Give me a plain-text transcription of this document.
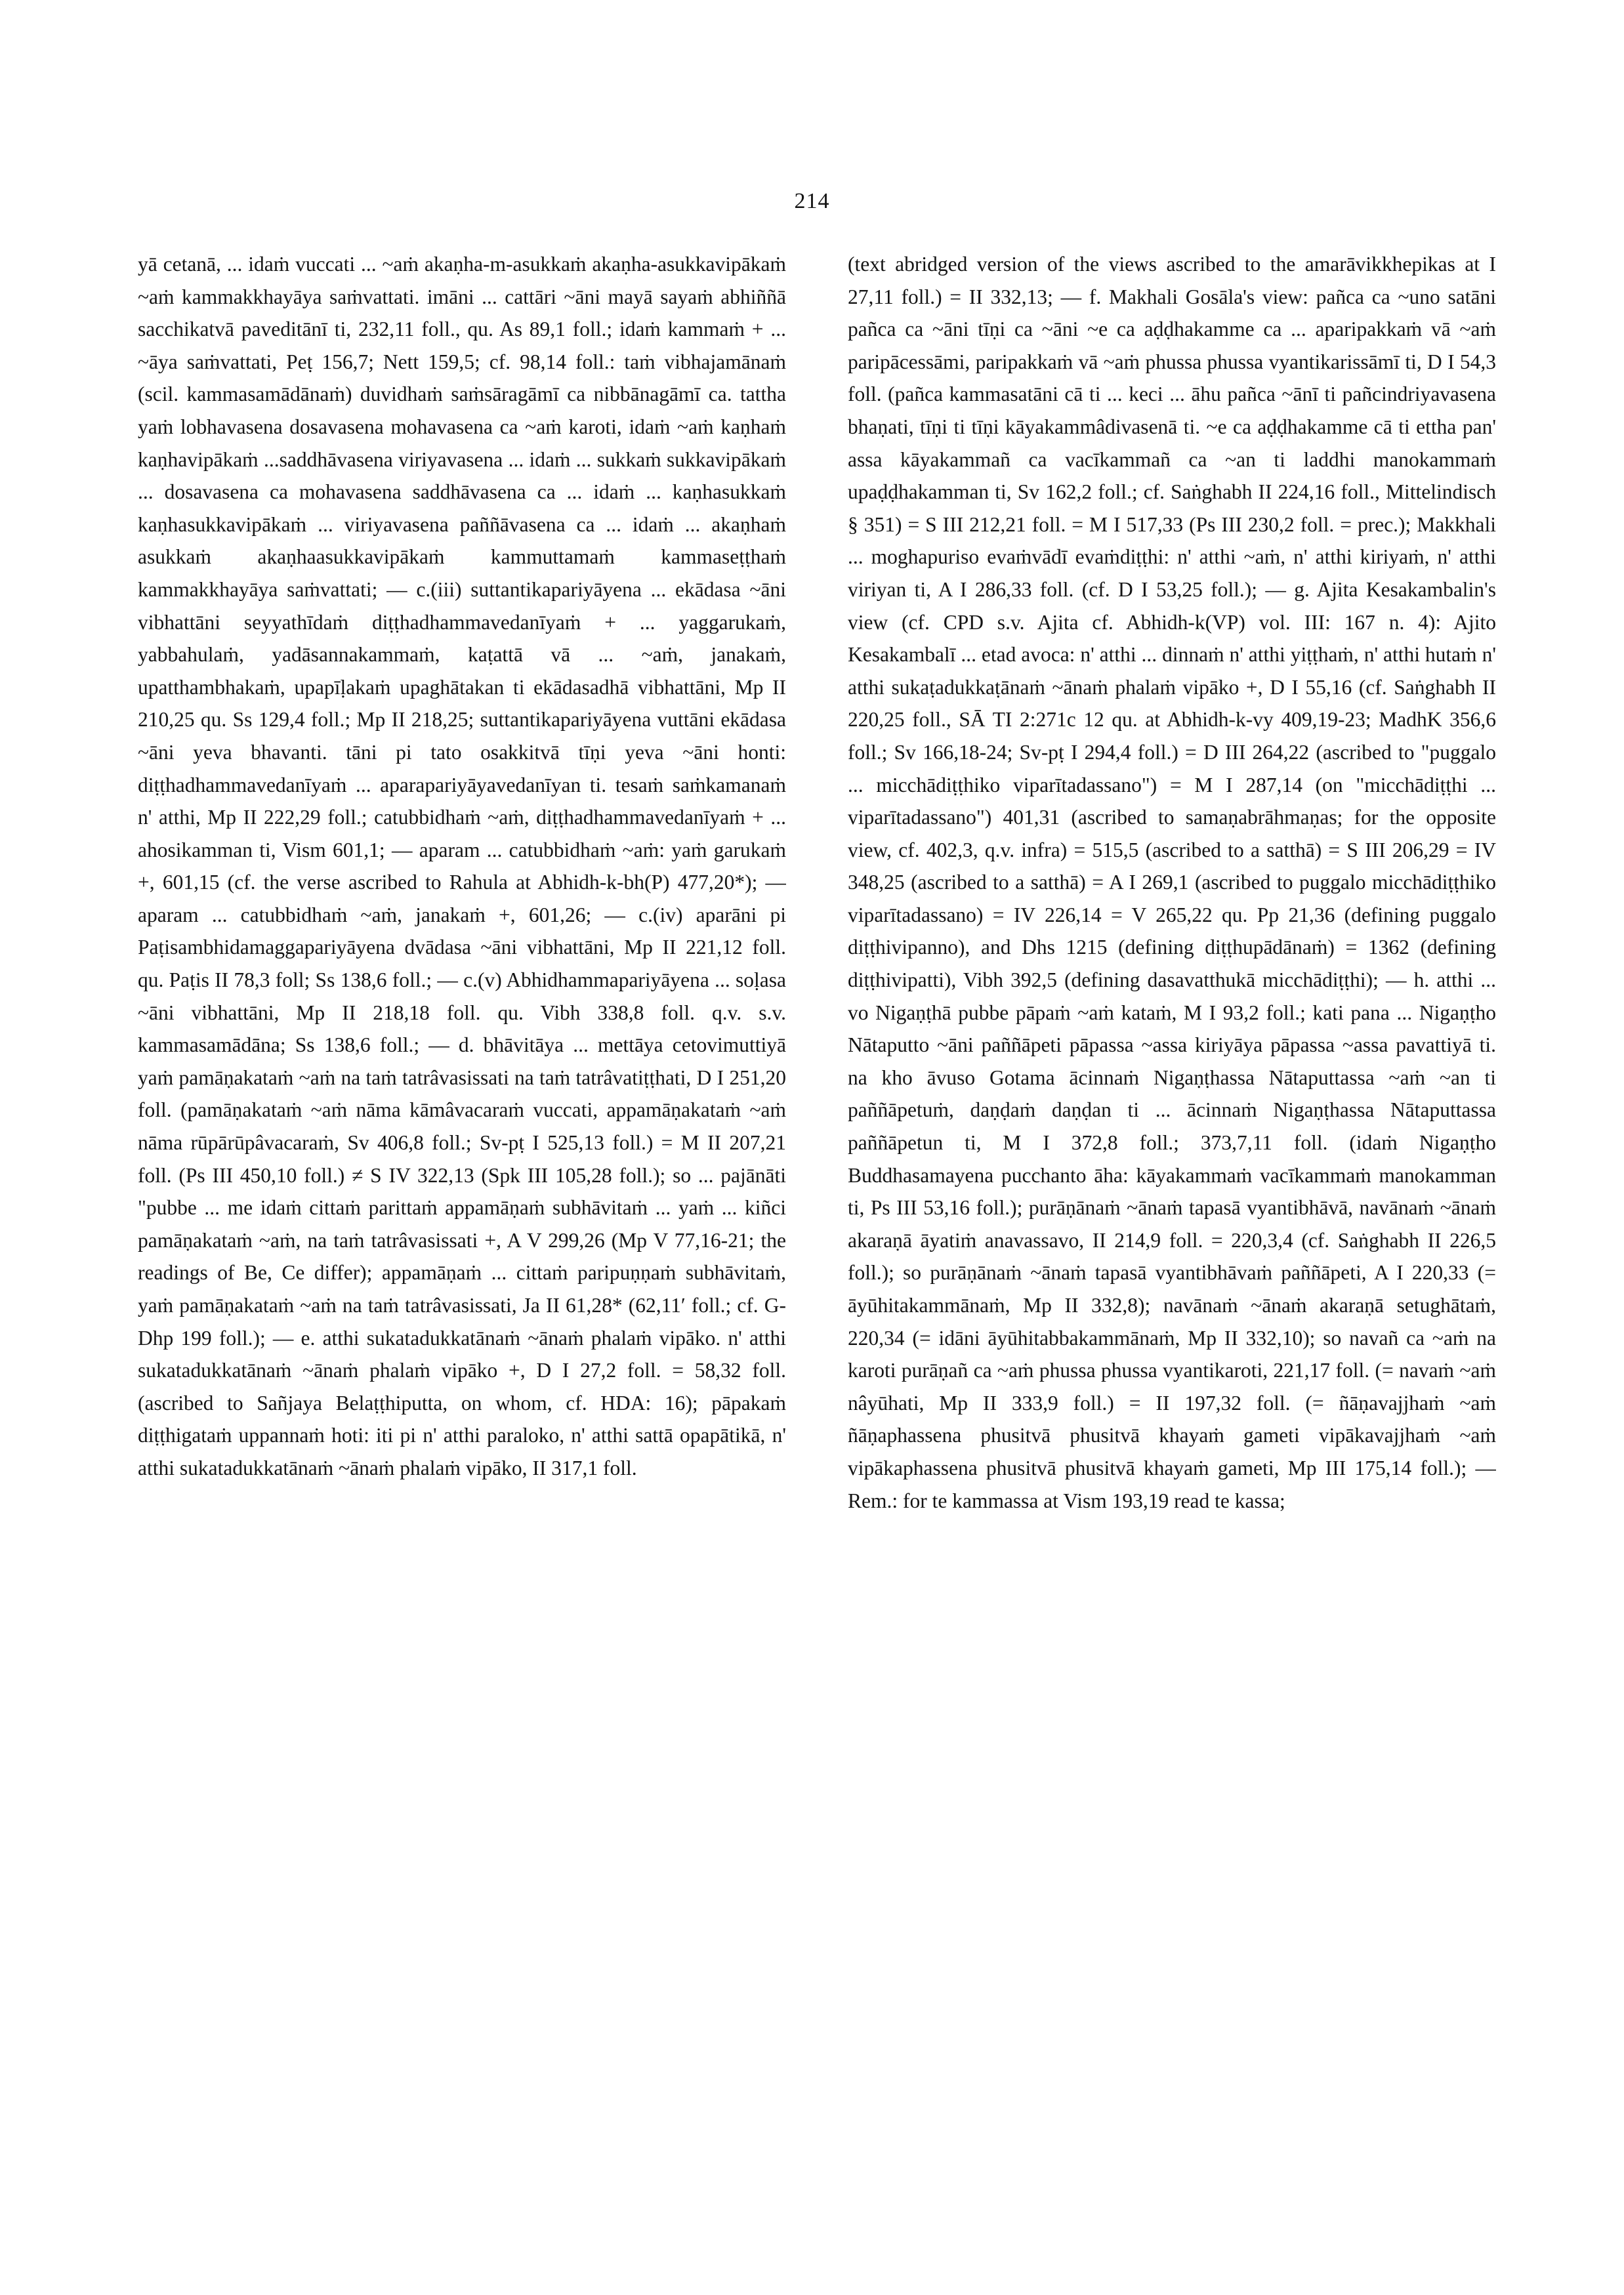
214

yā cetanā, ... idaṁ vuccati ... ~aṁ akaṇha-m-asukkaṁ akaṇha-asukkavipākaṁ ~aṁ kammakkhayāya saṁvattati. imāni ... cattāri ~āni mayā sayaṁ abhiññā sacchikatvā paveditānī ti, 232,11 foll., qu. As 89,1 foll.; idaṁ kammaṁ + ... ~āya saṁvattati, Peṭ 156,7; Nett 159,5; cf. 98,14 foll.: taṁ vibhajamānaṁ (scil. kammasamādānaṁ) duvidhaṁ saṁsāragāmī ca nibbānagāmī ca. tattha yaṁ lobhavasena dosavasena mohavasena ca ~aṁ karoti, idaṁ ~aṁ kaṇhaṁ kaṇhavipākaṁ ...saddhāvasena viriyavasena ... idaṁ ... sukkaṁ sukkavipākaṁ ... dosavasena ca mohavasena saddhāvasena ca ... idaṁ ... kaṇhasukkaṁ kaṇhasukkavipākaṁ ... viriyavasena paññāvasena ca ... idaṁ ... akaṇhaṁ asukkaṁ akaṇhaasukkavipākaṁ kammuttamaṁ kammaseṭṭhaṁ kammakkhayāya saṁvattati; — c.(iii) suttantikapariyāyena ... ekādasa ~āni vibhattāni seyyathīdaṁ diṭṭhadhammavedanīyaṁ + ... yaggarukaṁ, yabbahulaṁ, yadāsannakammaṁ, kaṭattā vā ... ~aṁ, janakaṁ, upatthambhakaṁ, upapīḷakaṁ upaghātakan ti ekādasadhā vibhattāni, Mp II 210,25 qu. Ss 129,4 foll.; Mp II 218,25; suttantikapariyāyena vuttāni ekādasa ~āni yeva bhavanti. tāni pi tato osakkitvā tīṇi yeva ~āni honti: diṭṭhadhammavedanīyaṁ ... aparapariyāyavedanīyan ti. tesaṁ saṁkamanaṁ n' atthi, Mp II 222,29 foll.; catubbidhaṁ ~aṁ, diṭṭhadhammavedanīyaṁ + ... ahosikamman ti, Vism 601,1; — aparam ... catubbidhaṁ ~aṁ: yaṁ garukaṁ +, 601,15 (cf. the verse ascribed to Rahula at Abhidh-k-bh(P) 477,20*); — aparam ... catubbidhaṁ ~aṁ, janakaṁ +, 601,26; — c.(iv) aparāni pi Paṭisambhidamaggapariyāyena dvādasa ~āni vibhattāni, Mp II 221,12 foll. qu. Paṭis II 78,3 foll; Ss 138,6 foll.; — c.(v) Abhidhammapariyāyena ... soḷasa ~āni vibhattāni, Mp II 218,18 foll. qu. Vibh 338,8 foll. q.v. s.v. kammasamādāna; Ss 138,6 foll.; — d. bhāvitāya ... mettāya cetovimuttiyā yaṁ pamāṇakataṁ ~aṁ na taṁ tatrâvasissati na taṁ tatrâvatiṭṭhati, D I 251,20 foll. (pamāṇakataṁ ~aṁ nāma kāmâvacaraṁ vuccati, appamāṇakataṁ ~aṁ nāma rūpārūpâvacaraṁ, Sv 406,8 foll.; Sv-pṭ I 525,13 foll.) = M II 207,21 foll. (Ps III 450,10 foll.) ≠ S IV 322,13 (Spk III 105,28 foll.); so ... pajānāti "pubbe ... me idaṁ cittaṁ parittaṁ appamāṇaṁ subhāvitaṁ ... yaṁ ... kiñci pamāṇakataṁ ~aṁ, na taṁ tatrâvasissati +, A V 299,26 (Mp V 77,16-21; the readings of Be, Ce differ); appamāṇaṁ ... cittaṁ paripuṇṇaṁ subhāvitaṁ, yaṁ pamāṇakataṁ ~aṁ na taṁ tatrâvasissati, Ja II 61,28* (62,11′ foll.; cf. G-Dhp 199 foll.); — e. atthi sukatadukkatānaṁ ~ānaṁ phalaṁ vipāko. n' atthi sukatadukkatānaṁ ~ānaṁ phalaṁ vipāko +, D I 27,2 foll. = 58,32 foll. (ascribed to Sañjaya Belaṭṭhiputta, on whom, cf. HDA: 16); pāpakaṁ diṭṭhigataṁ uppannaṁ hoti: iti pi n' atthi paraloko, n' atthi sattā opapātikā, n' atthi sukatadukkatānaṁ ~ānaṁ phalaṁ vipāko, II 317,1 foll.

(text abridged version of the views ascribed to the amarāvikkhepikas at I 27,11 foll.) = II 332,13; — f. Makhali Gosāla's view: pañca ca ~uno satāni pañca ca ~āni tīṇi ca ~āni ~e ca aḍḍhakamme ca ... aparipakkaṁ vā ~aṁ paripācessāmi, paripakkaṁ vā ~aṁ phussa phussa vyantikarissāmī ti, D I 54,3 foll. (pañca kammasatāni cā ti ... keci ... āhu pañca ~ānī ti pañcindriyavasena bhaṇati, tīṇi ti tīṇi kāyakammâdivasenā ti. ~e ca aḍḍhakamme cā ti ettha pan' assa kāyakammañ ca vacīkammañ ca ~an ti laddhi manokammaṁ upaḍḍhakamman ti, Sv 162,2 foll.; cf. Saṅghabh II 224,16 foll., Mittelindisch § 351) = S III 212,21 foll. = M I 517,33 (Ps III 230,2 foll. = prec.); Makkhali ... moghapuriso evaṁvādī evaṁdiṭṭhi: n' atthi ~aṁ, n' atthi kiriyaṁ, n' atthi viriyan ti, A I 286,33 foll. (cf. D I 53,25 foll.); — g. Ajita Kesakambalin's view (cf. CPD s.v. Ajita cf. Abhidh-k(VP) vol. III: 167 n. 4): Ajito Kesakambalī ... etad avoca: n' atthi ... dinnaṁ n' atthi yiṭṭhaṁ, n' atthi hutaṁ n' atthi sukaṭadukkaṭānaṁ ~ānaṁ phalaṁ vipāko +, D I 55,16 (cf. Saṅghabh II 220,25 foll., SĀ TI 2:271c 12 qu. at Abhidh-k-vy 409,19-23; MadhK 356,6 foll.; Sv 166,18-24; Sv-pṭ I 294,4 foll.) = D III 264,22 (ascribed to "puggalo ... micchādiṭṭhiko viparītadassano") = M I 287,14 (on "micchādiṭṭhi ... viparītadassano") 401,31 (ascribed to samaṇabrāhmaṇas; for the opposite view, cf. 402,3, q.v. infra) = 515,5 (ascribed to a satthā) = S III 206,29 = IV 348,25 (ascribed to a satthā) = A I 269,1 (ascribed to puggalo micchādiṭṭhiko viparītadassano) = IV 226,14 = V 265,22 qu. Pp 21,36 (defining puggalo diṭṭhivipanno), and Dhs 1215 (defining diṭṭhupādānaṁ) = 1362 (defining diṭṭhivipatti), Vibh 392,5 (defining dasavatthukā micchādiṭṭhi); — h. atthi ... vo Nigaṇṭhā pubbe pāpaṁ ~aṁ kataṁ, M I 93,2 foll.; kati pana ... Nigaṇṭho Nātaputto ~āni paññāpeti pāpassa ~assa kiriyāya pāpassa ~assa pavattiyā ti. na kho āvuso Gotama ācinnaṁ Nigaṇṭhassa Nātaputtassa ~aṁ ~an ti paññāpetuṁ, daṇḍaṁ daṇḍan ti ... ācinnaṁ Nigaṇṭhassa Nātaputtassa paññāpetun ti, M I 372,8 foll.; 373,7,11 foll. (idaṁ Nigaṇṭho Buddhasamayena pucchanto āha: kāyakammaṁ vacīkammaṁ manokamman ti, Ps III 53,16 foll.); purāṇānaṁ ~ānaṁ tapasā vyantibhāvā, navānaṁ ~ānaṁ akaraṇā āyatiṁ anavassavo, II 214,9 foll. = 220,3,4 (cf. Saṅghabh II 226,5 foll.); so purāṇānaṁ ~ānaṁ tapasā vyantibhāvaṁ paññāpeti, A I 220,33 (= āyūhitakammānaṁ, Mp II 332,8); navānaṁ ~ānaṁ akaraṇā setughātaṁ, 220,34 (= idāni āyūhitabbakammānaṁ, Mp II 332,10); so navañ ca ~aṁ na karoti purāṇañ ca ~aṁ phussa phussa vyantikaroti, 221,17 foll. (= navaṁ ~aṁ nâyūhati, Mp II 333,9 foll.) = II 197,32 foll. (= ñāṇavajjhaṁ ~aṁ ñāṇaphassena phusitvā phusitvā khayaṁ gameti vipākavajjhaṁ ~aṁ vipākaphassena phusitvā phusitvā khayaṁ gameti, Mp III 175,14 foll.); — Rem.: for te kammassa at Vism 193,19 read te kassa;
